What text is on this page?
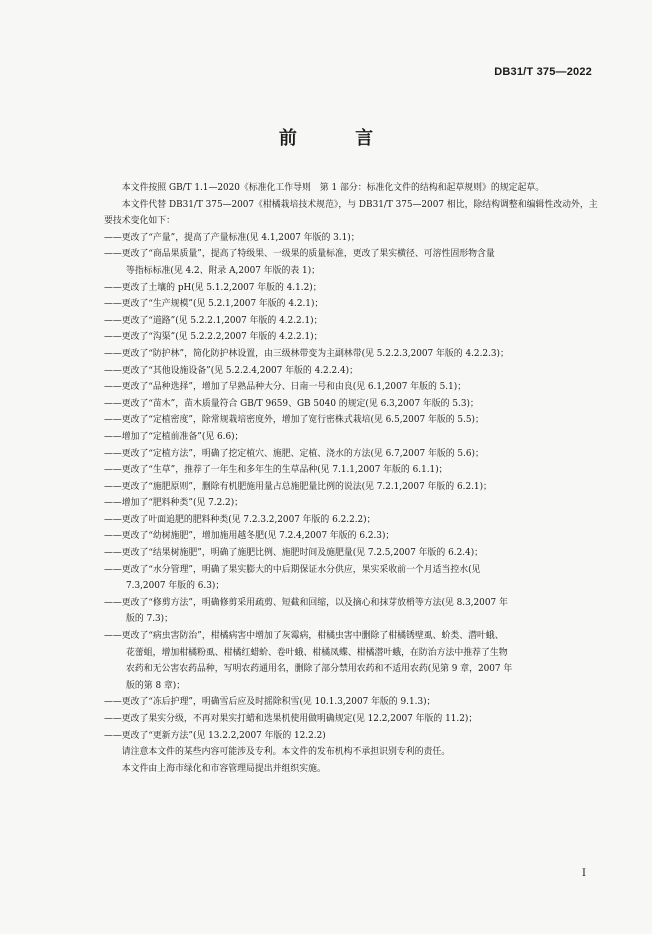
DB31/T 375—2022
前 言

本文件按照 GB/T 1.1—2020《标准化工作导则　第 1 部分：标准化文件的结构和起草规则》的规定起草。

本文件代替 DB31/T 375—2007《柑橘栽培技术规范》，与 DB31/T 375—2007 相比，除结构调整和编辑性改动外，主要技术变化如下：

——更改了“产量”，提高了产量标准(见 4.1,2007 年版的 3.1)；

——更改了“商品果质量”，提高了特级果、一级果的质量标准，更改了果实横径、可溶性固形物含量

等指标标准(见 4.2、附录 A,2007 年版的表 1)；

——更改了土壤的 pH(见 5.1.2,2007 年版的 4.1.2)；

——更改了“生产规模”(见 5.2.1,2007 年版的 4.2.1)；

——更改了“道路”(见 5.2.2.1,2007 年版的 4.2.2.1)；

——更改了“沟渠”(见 5.2.2.2,2007 年版的 4.2.2.1)；

——更改了“防护林”，简化防护林设置，由三级林带变为主副林带(见 5.2.2.3,2007 年版的 4.2.2.3)；

——更改了“其他设施设备”(见 5.2.2.4,2007 年版的 4.2.2.4)；

——更改了“品种选择”，增加了早熟品种大分、日南一号和由良(见 6.1,2007 年版的 5.1)；

——更改了“苗木”，苗木质量符合 GB/T 9659、GB 5040 的规定(见 6.3,2007 年版的 5.3)；

——更改了“定植密度”，除常规栽培密度外，增加了宽行密株式栽培(见 6.5,2007 年版的 5.5)；

——增加了“定植前准备”(见 6.6)；

——更改了“定植方法”，明确了挖定植穴、施肥、定植、浇水的方法(见 6.7,2007 年版的 5.6)；

——更改了“生草”，推荐了一年生和多年生的生草品种(见 7.1.1,2007 年版的 6.1.1)；

——更改了“施肥原则”，删除有机肥施用量占总施肥量比例的说法(见 7.2.1,2007 年版的 6.2.1)；

——增加了“肥料种类”(见 7.2.2)；

——更改了叶面追肥的肥料种类(见 7.2.3.2,2007 年版的 6.2.2.2)；

——更改了“幼树施肥”，增加施用越冬肥(见 7.2.4,2007 年版的 6.2.3)；

——更改了“结果树施肥”，明确了施肥比例、施肥时间及施肥量(见 7.2.5,2007 年版的 6.2.4)；

——更改了“水分管理”，明确了果实膨大的中后期保证水分供应，果实采收前一个月适当控水(见

7.3,2007 年版的 6.3)；

——更改了“修剪方法”，明确修剪采用疏剪、短截和回缩，以及摘心和抹芽放梢等方法(见 8.3,2007 年

版的 7.3)；

——更改了“病虫害防治”，柑橘病害中增加了灰霉病，柑橘虫害中删除了柑橘锈壁虱、蚧类、潜叶蛾、

花蕾蛆，增加柑橘粉虱、柑橘红蜡蚧、卷叶蛾、柑橘凤蝶、柑橘潜叶蛾，在防治方法中推荐了生物

农药和无公害农药品种，写明农药通用名，删除了部分禁用农药和不适用农药(见第 9 章，2007 年

版的第 8 章)；

——更改了“冻后护理”，明确雪后应及时摇除积雪(见 10.1.3,2007 年版的 9.1.3)；

——更改了果实分级，不再对果实打蜡和选果机使用做明确规定(见 12.2,2007 年版的 11.2)；

——更改了“更新方法”(见 13.2.2,2007 年版的 12.2.2)

请注意本文件的某些内容可能涉及专利。本文件的发布机构不承担识别专利的责任。

本文件由上海市绿化和市容管理局提出并组织实施。

I
